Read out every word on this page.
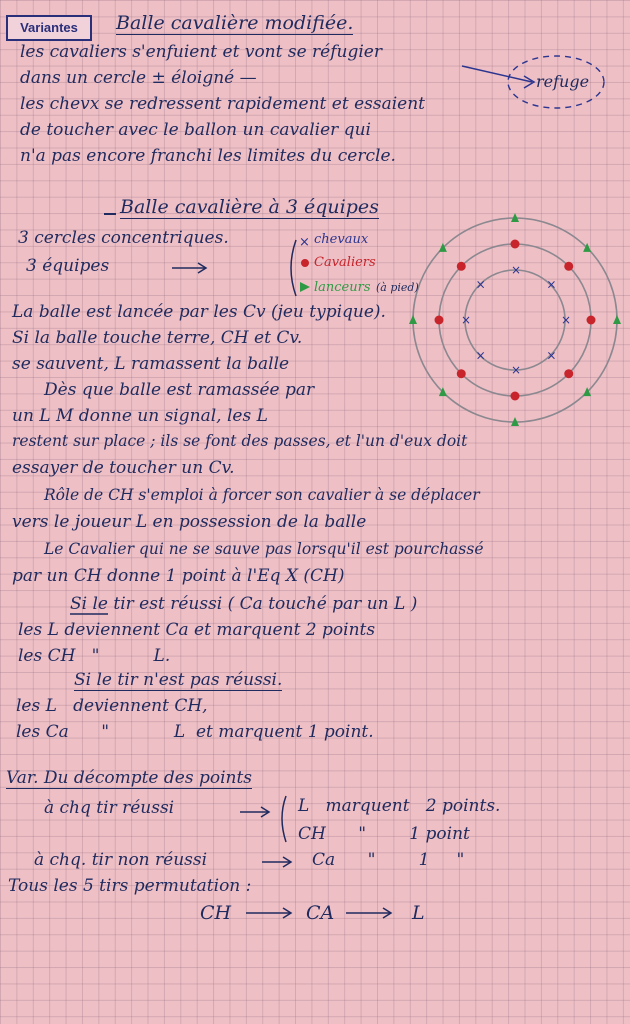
Variantes	Balle cavalière modifiée.
les cavaliers s'enfuient et vont se réfugier
dans un cercle ± éloigné —
les chevx se redressent rapidement et essaient
de toucher avec le ballon un cavalier qui
n'a pas encore franchi les limites du cercle.
×
×
×
×
×
×
×
×
×
refuge
Balle cavalière à 3 équipes
3 cercles concentriques.
3 équipes
chevaux
Cavaliers
lanceurs (à pied)
La balle est lancée par les Cv (jeu typique).
Si la balle touche terre, CH et Cv.
se sauvent, L ramassent la balle
Dès que balle est ramassée par
un L M donne un signal, les L
restent sur place ; ils se font des passes, et l'un d'eux doit
essayer de toucher un Cv.
Rôle de CH s'emploi à forcer son cavalier à se déplacer
vers le joueur L en possession de la balle
Le Cavalier qui ne se sauve pas lorsqu'il est pourchassé
par un CH donne 1 point à l'Eq X (CH)
Si le tir est réussi ( Ca touché par un L )
les L deviennent Ca et marquent 2 points
les CH   "          L.
Si le tir n'est pas réussi.
les L   deviennent CH,
les Ca      "            L  et marquent 1 point.
Var. Du décompte des points
à chq tir réussi	L   marquent   2 points.
CH      "        1 point
à chq. tir non réussi	Ca      "        1     "
Tous les 5 tirs permutation :
CH	CA	L
